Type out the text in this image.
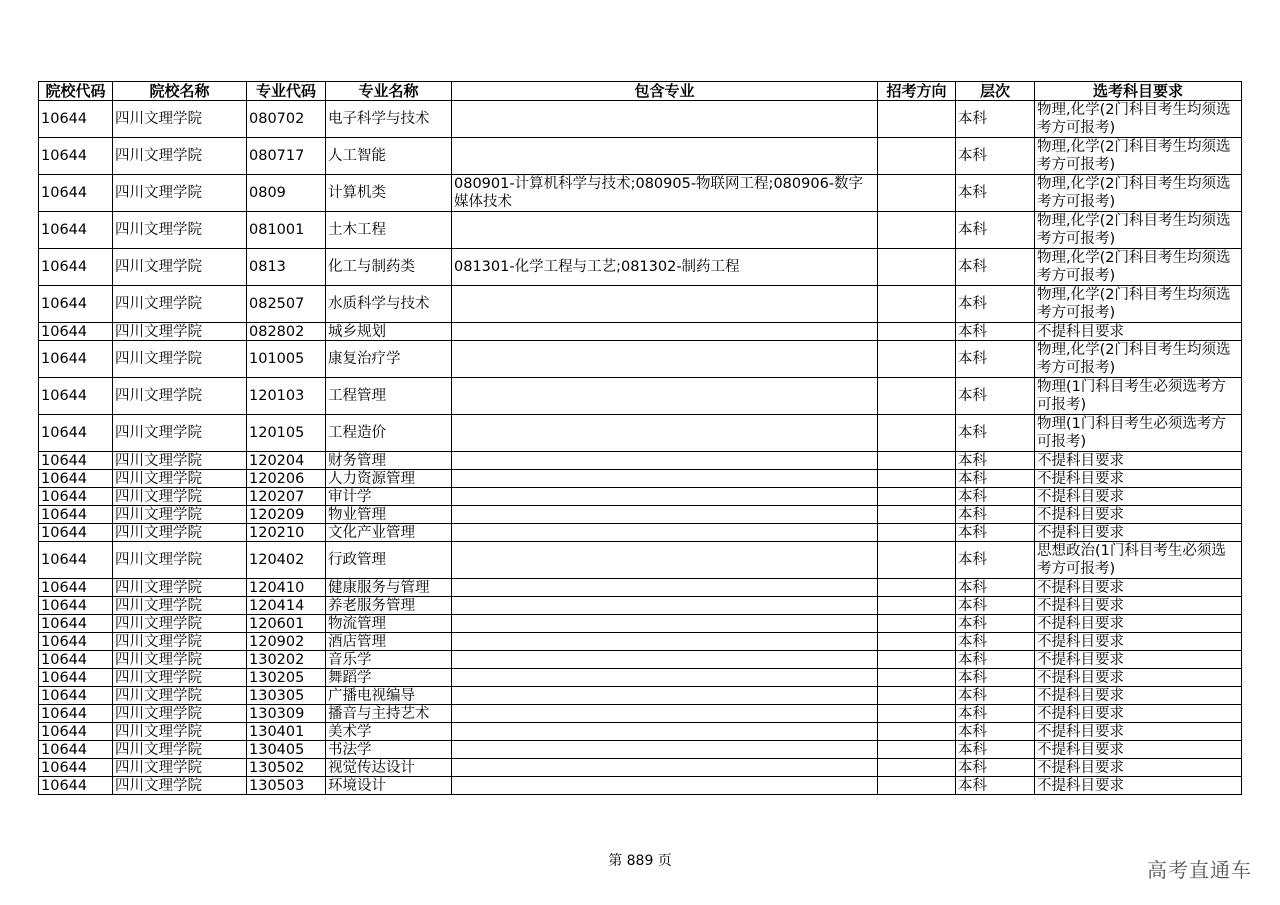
院校代码	院校名称	专业代码	专业名称	包含专业	招考方向	层次	选考科目要求
10644	四川文理学院	080702	电子科学与技术			本科	物理,化学(2门科目考生均须选考方可报考)
10644	四川文理学院	080717	人工智能			本科	物理,化学(2门科目考生均须选考方可报考)
10644	四川文理学院	0809	计算机类	080901-计算机科学与技术;080905-物联网工程;080906-数字媒体技术		本科	物理,化学(2门科目考生均须选考方可报考)
10644	四川文理学院	081001	土木工程			本科	物理,化学(2门科目考生均须选考方可报考)
10644	四川文理学院	0813	化工与制药类	081301-化学工程与工艺;081302-制药工程		本科	物理,化学(2门科目考生均须选考方可报考)
10644	四川文理学院	082507	水质科学与技术			本科	物理,化学(2门科目考生均须选考方可报考)
10644	四川文理学院	082802	城乡规划			本科	不提科目要求
10644	四川文理学院	101005	康复治疗学			本科	物理,化学(2门科目考生均须选考方可报考)
10644	四川文理学院	120103	工程管理			本科	物理(1门科目考生必须选考方可报考)
10644	四川文理学院	120105	工程造价			本科	物理(1门科目考生必须选考方可报考)
10644	四川文理学院	120204	财务管理			本科	不提科目要求
10644	四川文理学院	120206	人力资源管理			本科	不提科目要求
10644	四川文理学院	120207	审计学			本科	不提科目要求
10644	四川文理学院	120209	物业管理			本科	不提科目要求
10644	四川文理学院	120210	文化产业管理			本科	不提科目要求
10644	四川文理学院	120402	行政管理			本科	思想政治(1门科目考生必须选考方可报考)
10644	四川文理学院	120410	健康服务与管理			本科	不提科目要求
10644	四川文理学院	120414	养老服务管理			本科	不提科目要求
10644	四川文理学院	120601	物流管理			本科	不提科目要求
10644	四川文理学院	120902	酒店管理			本科	不提科目要求
10644	四川文理学院	130202	音乐学			本科	不提科目要求
10644	四川文理学院	130205	舞蹈学			本科	不提科目要求
10644	四川文理学院	130305	广播电视编导			本科	不提科目要求
10644	四川文理学院	130309	播音与主持艺术			本科	不提科目要求
10644	四川文理学院	130401	美术学			本科	不提科目要求
10644	四川文理学院	130405	书法学			本科	不提科目要求
10644	四川文理学院	130502	视觉传达设计			本科	不提科目要求
10644	四川文理学院	130503	环境设计			本科	不提科目要求
第 889 页	高考直通车
